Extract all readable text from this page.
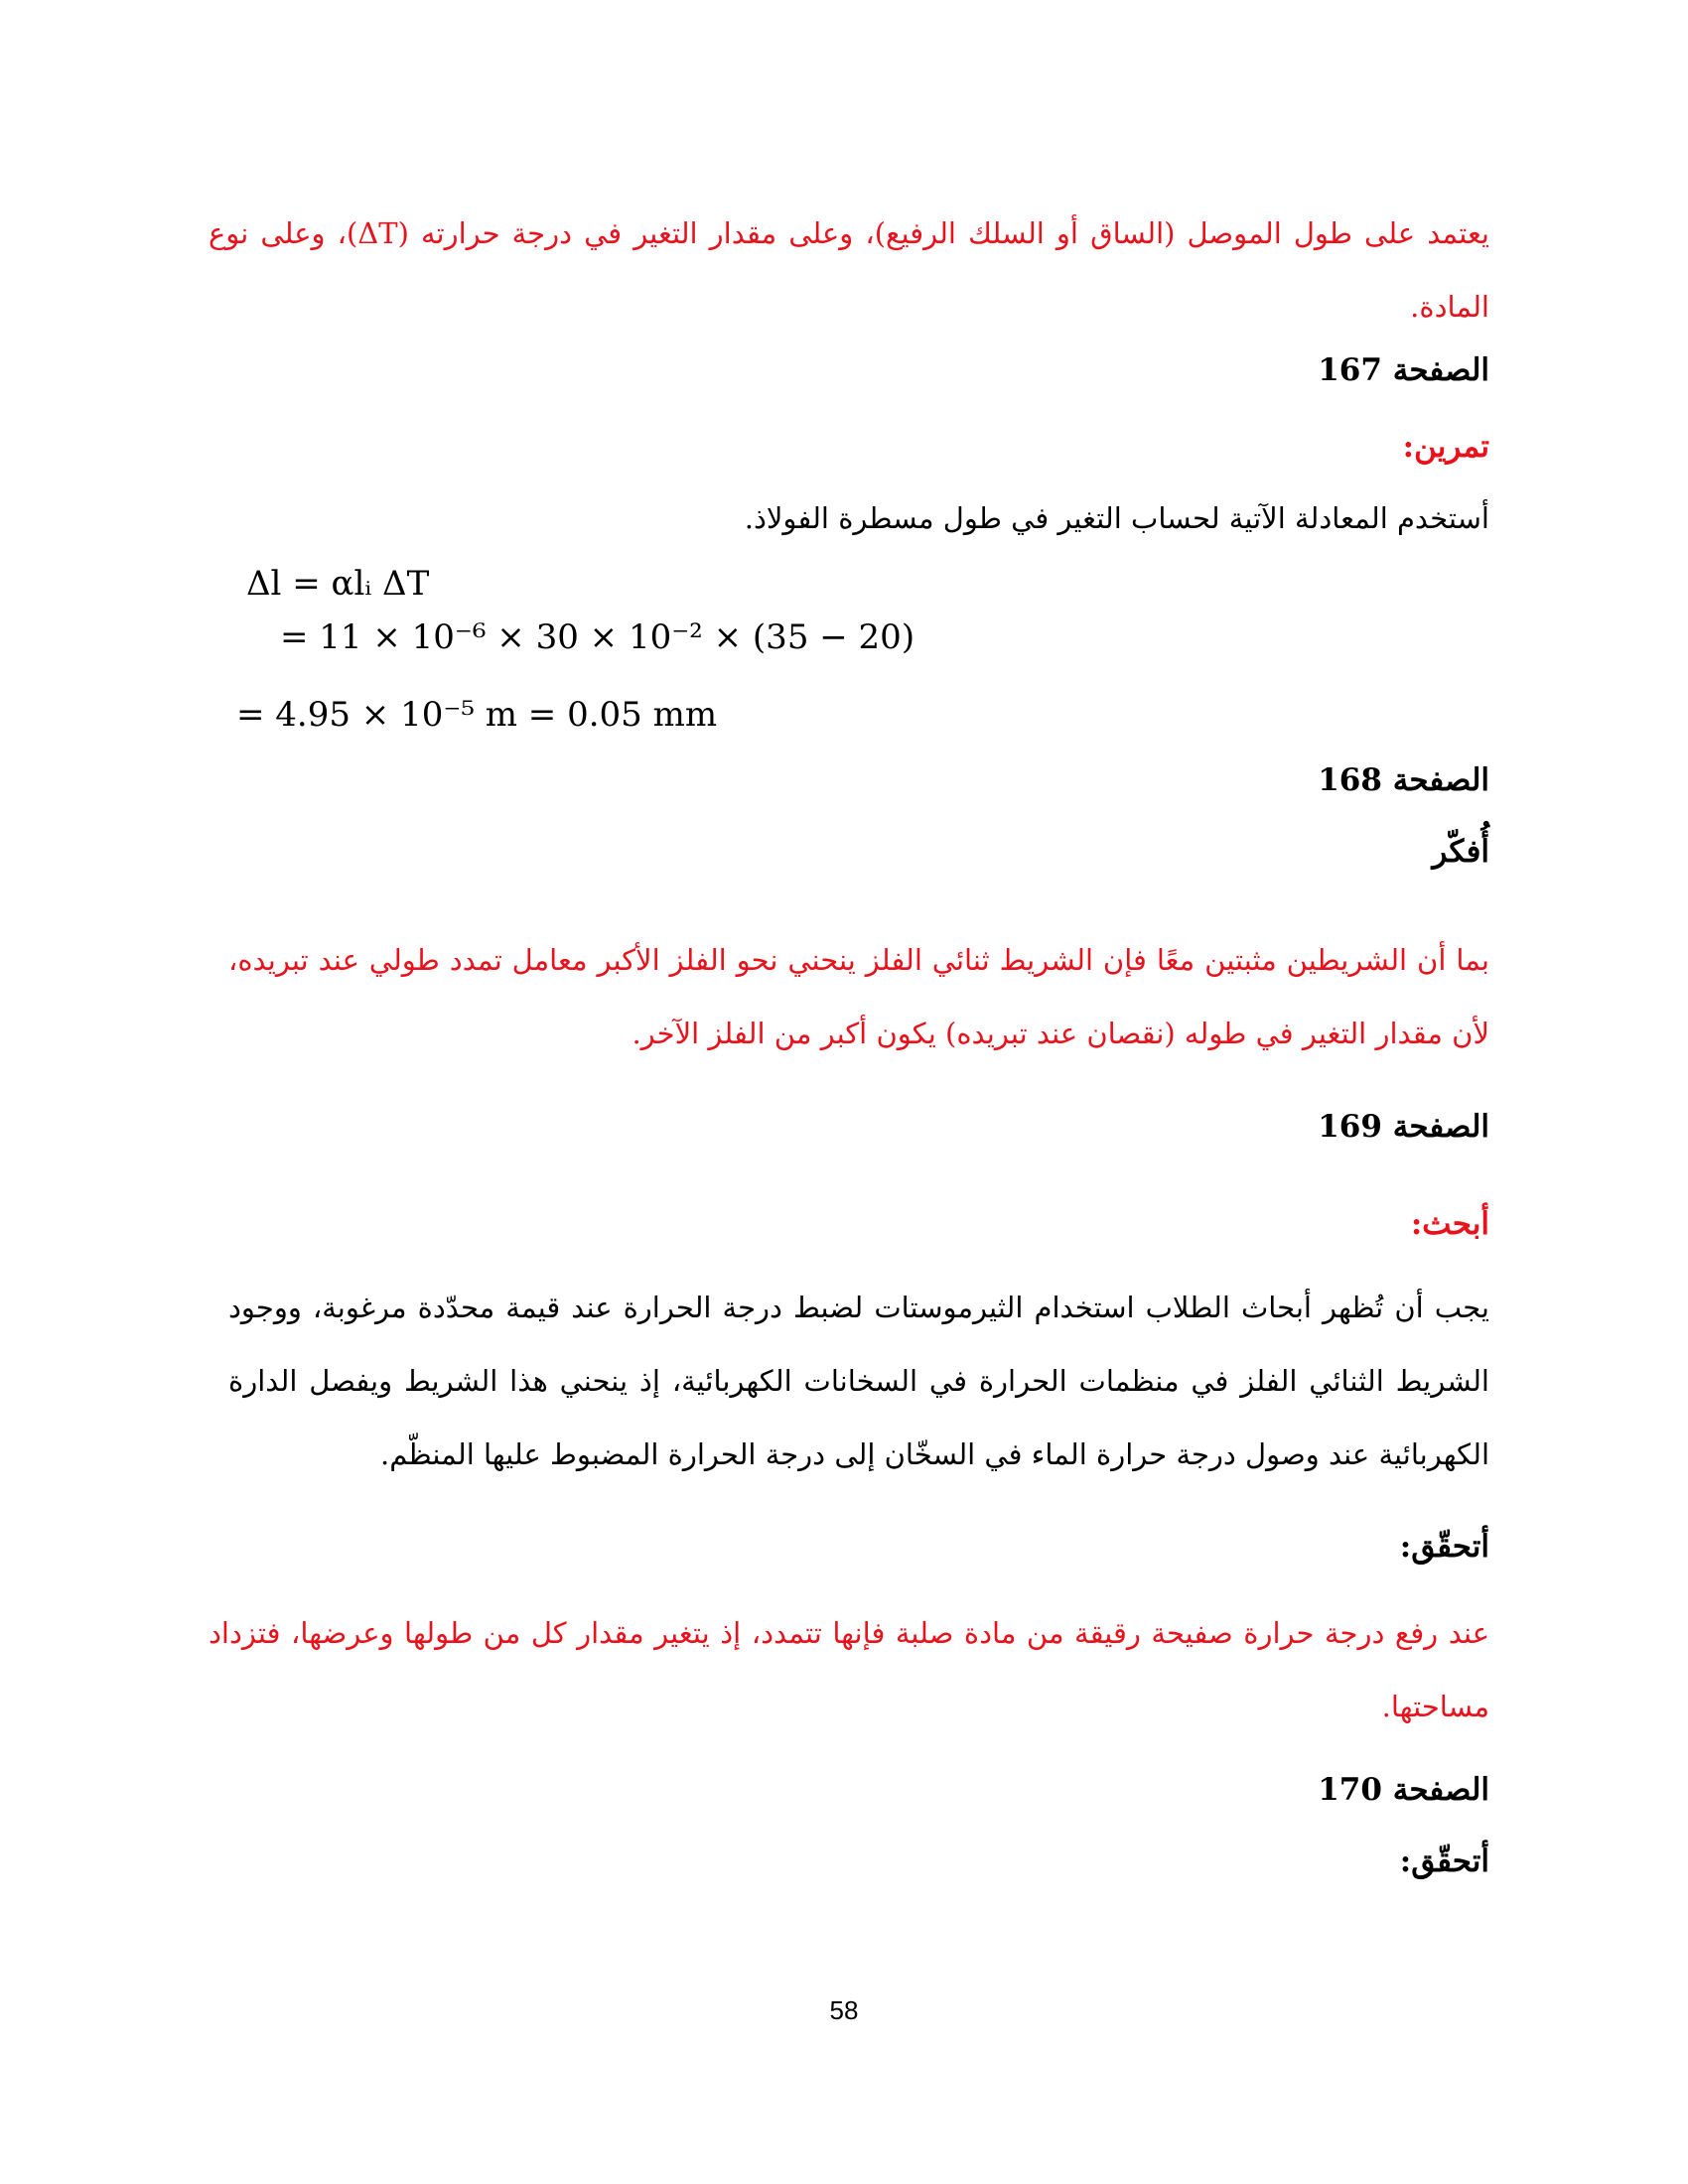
يعتمد على طول الموصل (الساق أو السلك الرفيع)، وعلى مقدار التغير في درجة حرارته (ΔT)، وعلى نوع المادة.
الصفحة 167
تمرين:
أستخدم المعادلة الآتية لحساب التغير في طول مسطرة الفولاذ.
Δl = αlᵢ ΔT
= 11 × 10⁻⁶ × 30 × 10⁻² × (35 − 20)
= 4.95 × 10⁻⁵ m = 0.05 mm
الصفحة 168
أُفكّر
بما أن الشريطين مثبتين معًا فإن الشريط ثنائي الفلز ينحني نحو الفلز الأكبر معامل تمدد طولي عند تبريده، لأن مقدار التغير في طوله (نقصان عند تبريده) يكون أكبر من الفلز الآخر.
الصفحة 169
أبحث:
يجب أن تُظهر أبحاث الطلاب استخدام الثيرموستات لضبط درجة الحرارة عند قيمة محدّدة مرغوبة، ووجود الشريط الثنائي الفلز في منظمات الحرارة في السخانات الكهربائية، إذ ينحني هذا الشريط ويفصل الدارة الكهربائية عند وصول درجة حرارة الماء في السخّان إلى درجة الحرارة المضبوط عليها المنظّم.
أتحقّق:
عند رفع درجة حرارة صفيحة رقيقة من مادة صلبة فإنها تتمدد، إذ يتغير مقدار كل من طولها وعرضها، فتزداد مساحتها.
الصفحة 170
أتحقّق:
58
